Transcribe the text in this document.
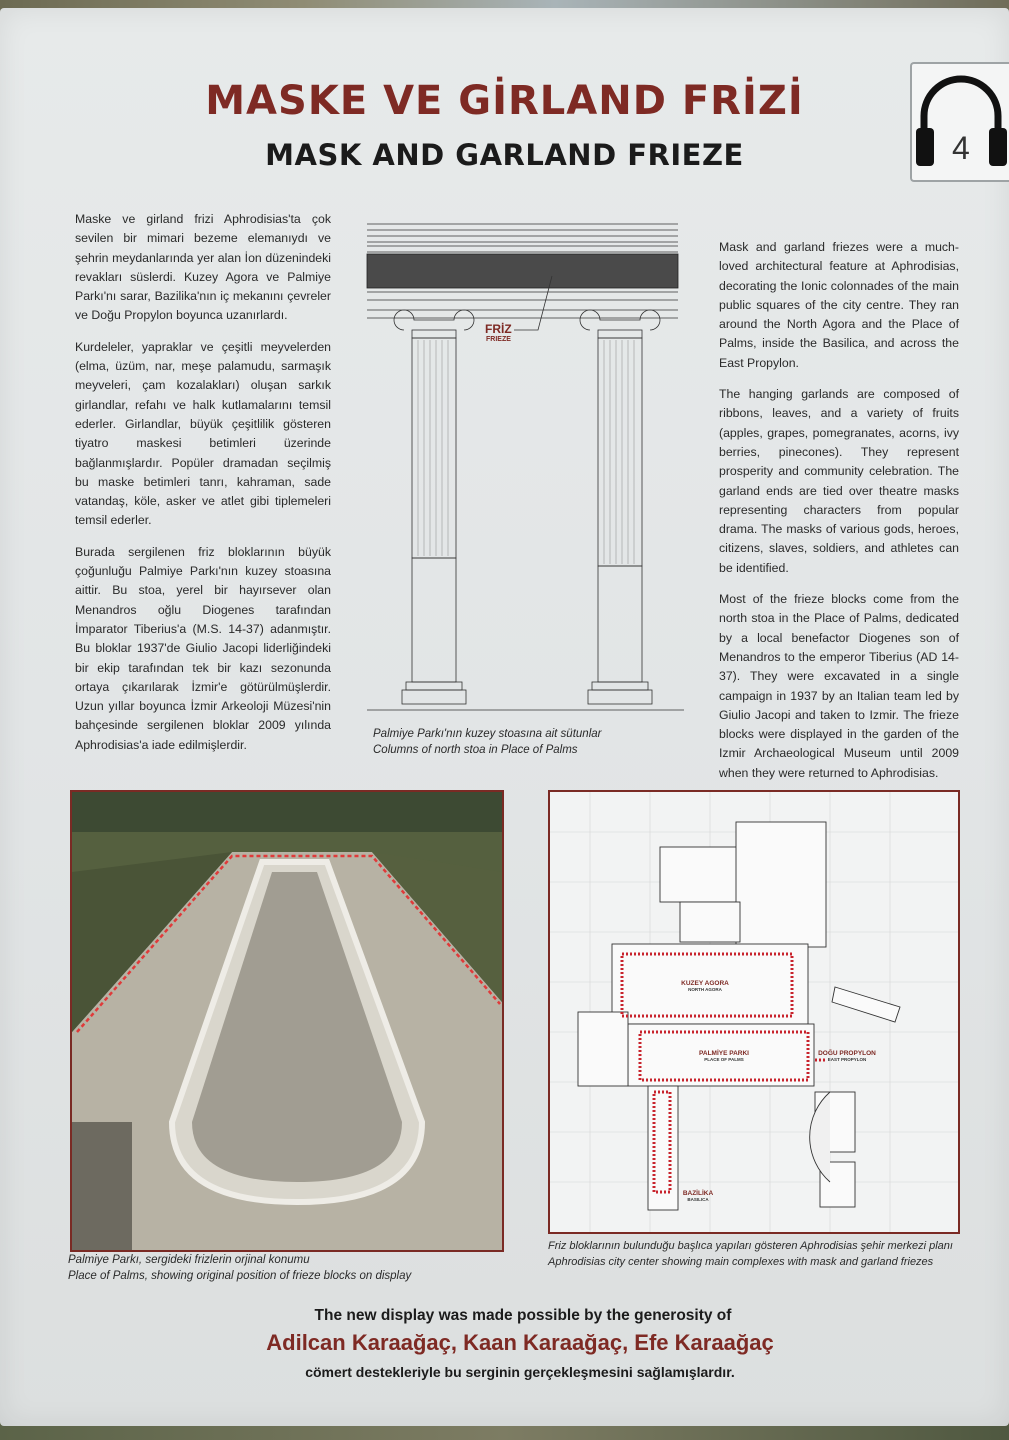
MASKE VE GİRLAND FRİZİ
MASK AND GARLAND FRIEZE	4

Maske ve girland frizi Aphrodisias'ta çok sevilen bir mimari bezeme elemanıydı ve şehrin meydanlarında yer alan İon düzenindeki revakları süslerdi. Kuzey Agora ve Palmiye Parkı'nı sarar, Bazilika'nın iç mekanını çevreler ve Doğu Propylon boyunca uzanırlardı.

Kurdeleler, yapraklar ve çeşitli meyvelerden (elma, üzüm, nar, meşe palamudu, sarmaşık meyveleri, çam kozalakları) oluşan sarkık girlandlar, refahı ve halk kutlamalarını temsil ederler. Girlandlar, büyük çeşitlilik gösteren tiyatro maskesi betimleri üzerinde bağlanmışlardır. Popüler dramadan seçilmiş bu maske betimleri tanrı, kahraman, sade vatandaş, köle, asker ve atlet gibi tiplemeleri temsil ederler.

Burada sergilenen friz bloklarının büyük çoğunluğu Palmiye Parkı'nın kuzey stoasına aittir. Bu stoa, yerel bir hayırsever olan Menandros oğlu Diogenes tarafından İmparator Tiberius'a (M.S. 14-37) adanmıştır. Bu bloklar 1937'de Giulio Jacopi liderliğindeki bir ekip tarafından tek bir kazı sezonunda ortaya çıkarılarak İzmir'e götürülmüşlerdir. Uzun yıllar boyunca İzmir Arkeoloji Müzesi'nin bahçesinde sergilenen bloklar 2009 yılında Aphrodisias'a iade edilmişlerdir.

FRİZ
FRIEZE
Palmiye Parkı'nın kuzey stoasına ait sütunlar
Columns of north stoa in Place of Palms

Mask and garland friezes were a much-loved architectural feature at Aphrodisias, decorating the Ionic colonnades of the main public squares of the city centre. They ran around the North Agora and the Place of Palms, inside the Basilica, and across the East Propylon.

The hanging garlands are composed of ribbons, leaves, and a variety of fruits (apples, grapes, pomegranates, acorns, ivy berries, pinecones). They represent prosperity and community celebration. The garland ends are tied over theatre masks representing characters from popular drama. The masks of various gods, heroes, citizens, slaves, soldiers, and athletes can be identified.

Most of the frieze blocks come from the north stoa in the Place of Palms, dedicated by a local benefactor Diogenes son of Menandros to the emperor Tiberius (AD 14-37). They were excavated in a single campaign in 1937 by an Italian team led by Giulio Jacopi and taken to Izmir. The frieze blocks were displayed in the garden of the Izmir Archaeological Museum until 2009 when they were returned to Aphrodisias.

Palmiye Parkı, sergideki frizlerin orjinal konumu
Place of Palms, showing original position of frieze blocks on display
KUZEY AGORA
NORTH AGORA
PALMİYE PARKI
PLACE OF PALMS
DOĞU PROPYLON
EAST PROPYLON
BAZİLİKA
BASILICA
Friz bloklarının bulunduğu başlıca yapıları gösteren Aphrodisias şehir merkezi planı
Aphrodisias city center showing main complexes with mask and garland friezes
The new display was made possible by the generosity of
Adilcan Karaağaç, Kaan Karaağaç, Efe Karaağaç
cömert destekleriyle bu serginin gerçekleşmesini sağlamışlardır.
